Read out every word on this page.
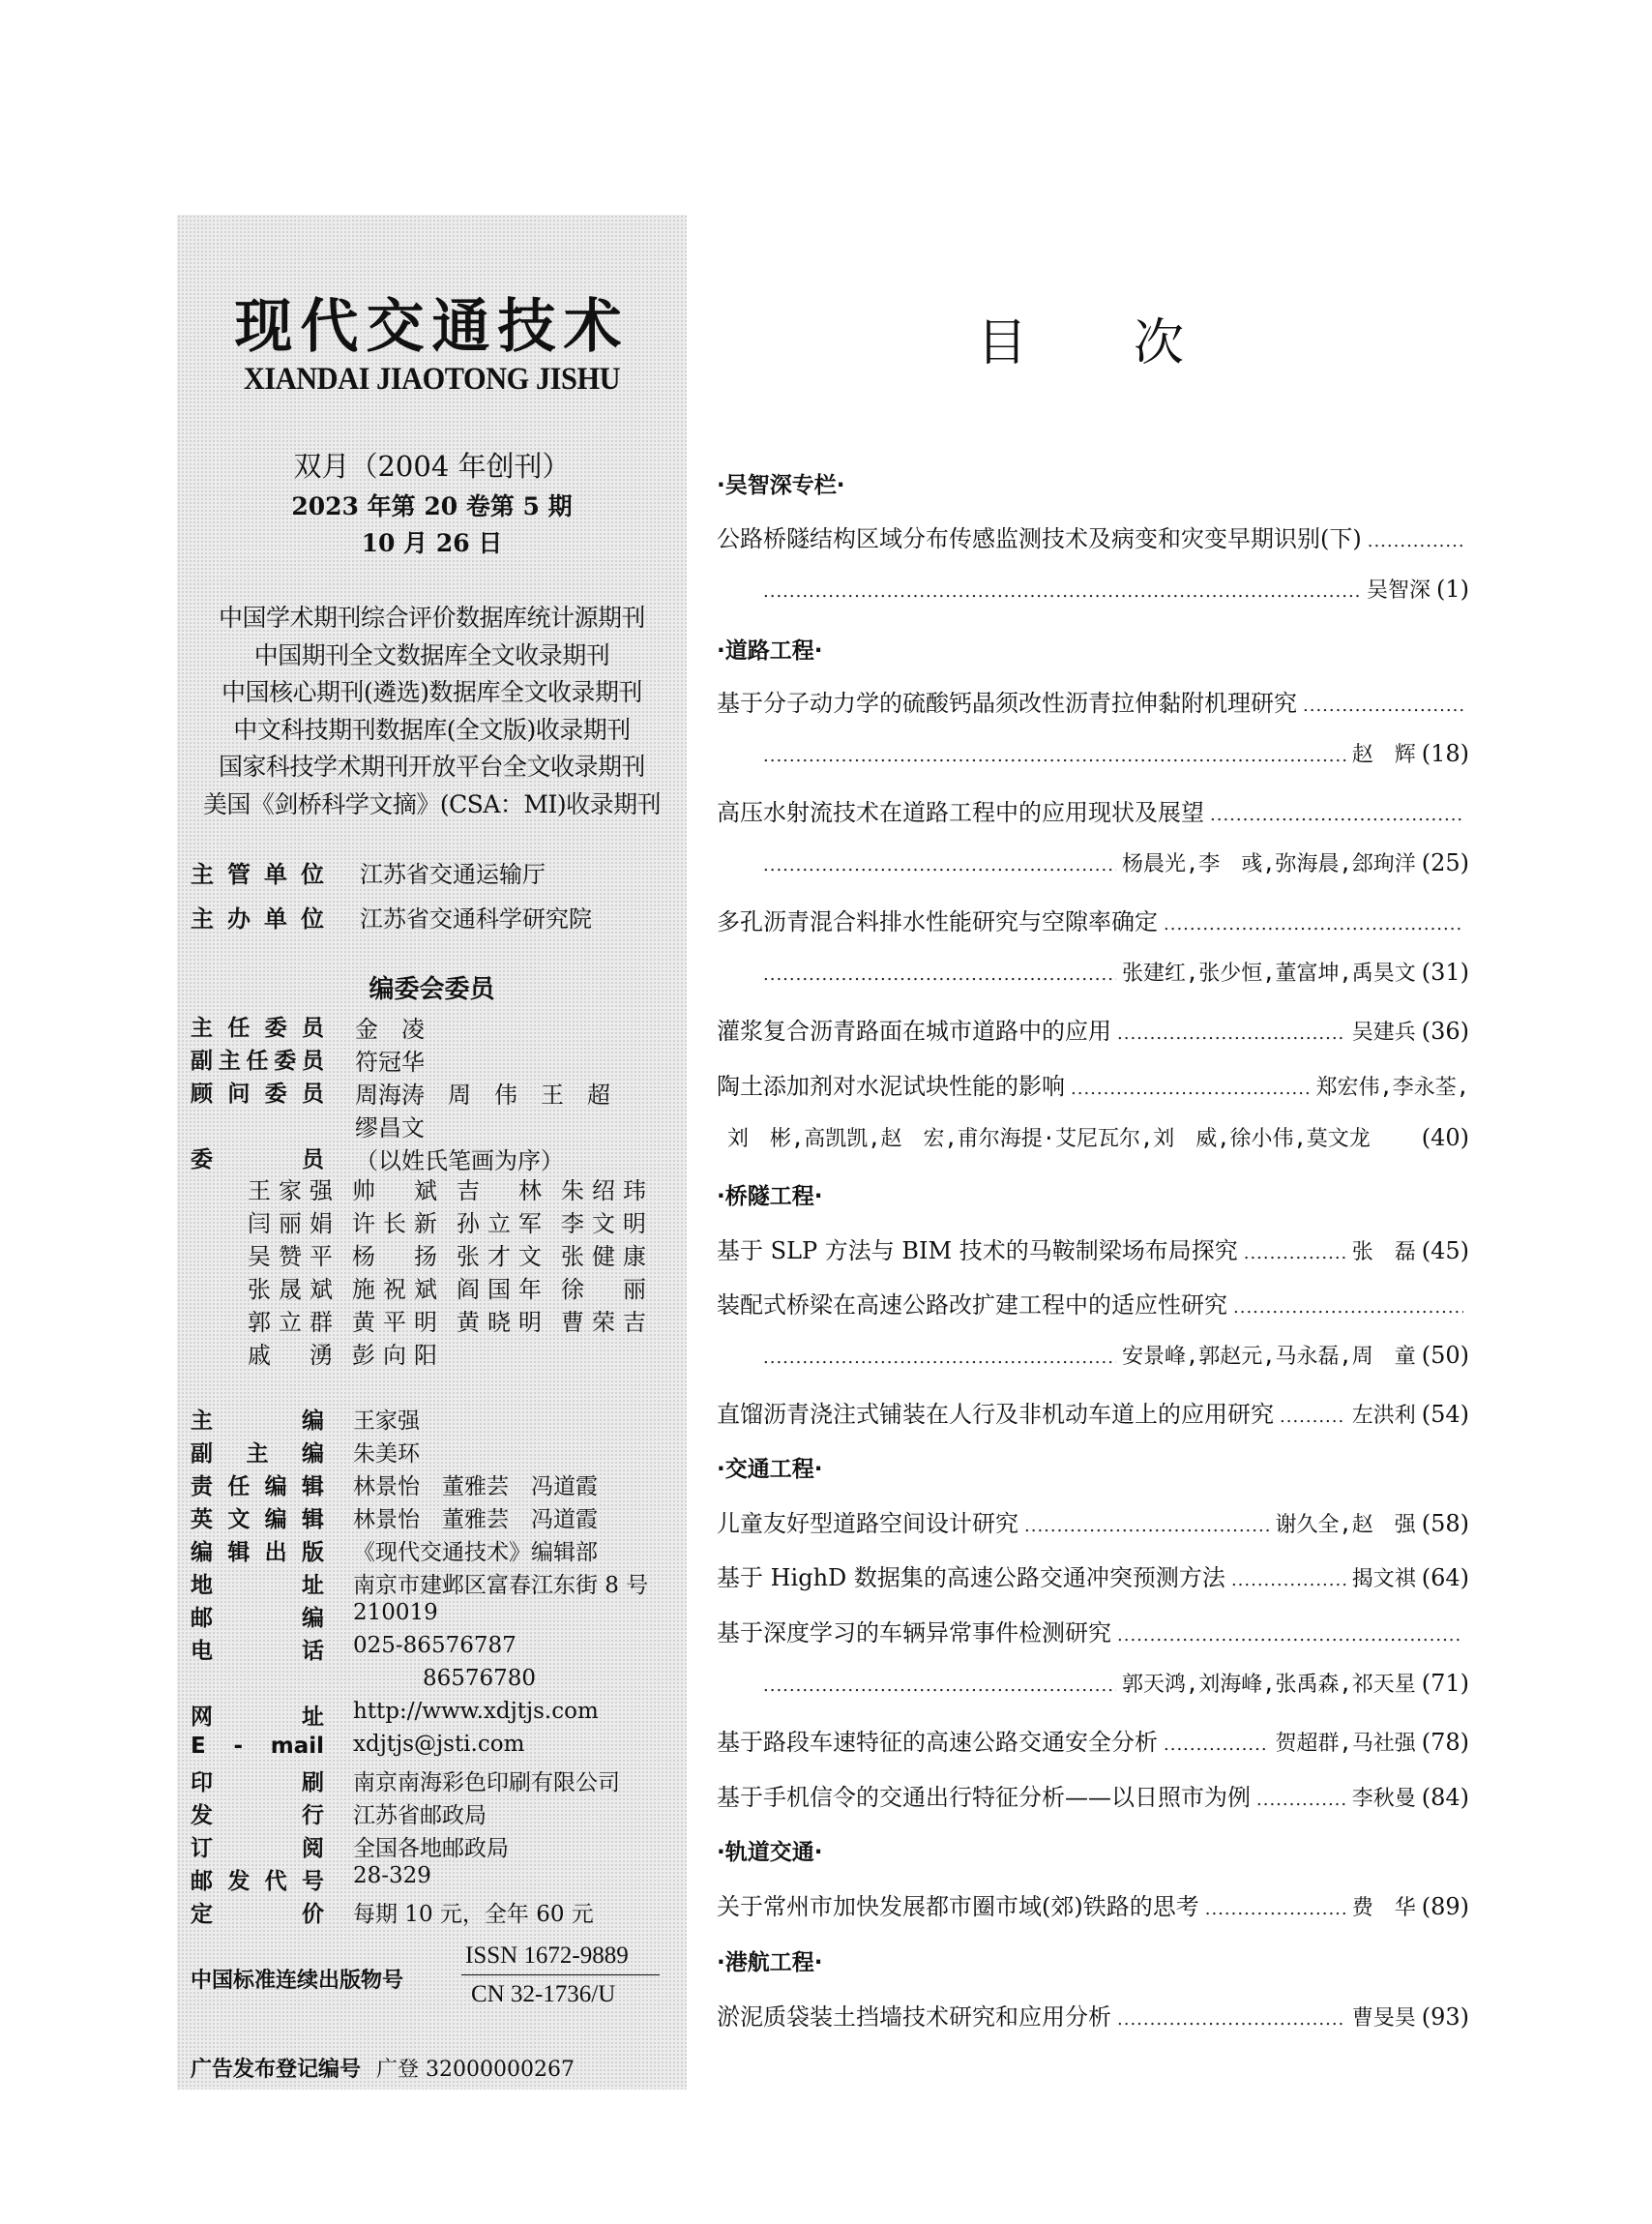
现代交通技术
XIANDAI JIAOTONG JISHU
双月（2004 年创刊）
2023 年第 20 卷第 5 期
10 月 26 日
中国学术期刊综合评价数据库统计源期刊
中国期刊全文数据库全文收录期刊
中国核心期刊(遴选)数据库全文收录期刊
中文科技期刊数据库(全文版)收录期刊
国家科技学术期刊开放平台全文收录期刊
美国《剑桥科学文摘》(CSA：MI)收录期刊
主管单位 江苏省交通运输厅
主办单位 江苏省交通科学研究院
编委会委员
主任委员 金　凌
副主任委员 符冠华
顾问委员 周海涛　周　伟　王　超
缪昌文
委　　员 （以姓氏笔画为序）
王家强 帅　斌 吉　林 朱绍玮
闫丽娟 许长新 孙立军 李文明
吴赞平 杨　扬 张才文 张健康
张晟斌 施祝斌 阎国年 徐　丽
郭立群 黄平明 黄晓明 曹荣吉
戚　湧 彭向阳
主　　编 王家强
副 主 编 朱美环
责任编辑 林景怡　董雅芸　冯道霞
英文编辑 林景怡　董雅芸　冯道霞
编辑出版 《现代交通技术》编辑部
地　　址 南京市建邺区富春江东街 8 号
邮　　编 210019
电　　话 025-86576787
86576780
网　　址 http://www.xdjtjs.com
E - mail xdjtjs@jsti.com
印　　刷 南京南海彩色印刷有限公司
发　　行 江苏省邮政局
订　　阅 全国各地邮政局
邮发代号 28-329
定　　价 每期 10 元，全年 60 元
中国标准连续出版物号
ISSN 1672-9889
CN 32-1736/U
广告发布登记编号 广登 32000000267
目 次
·吴智深专栏·
公路桥隧结构区域分布传感监测技术及病变和灾变早期识别(下)
.....
.....
吴智深 (1)
·道路工程·
基于分子动力学的硫酸钙晶须改性沥青拉伸黏附机理研究
.....
.....
赵　辉 (18)
高压水射流技术在道路工程中的应用现状及展望
.....
.....
杨晨光,李　彧,弥海晨,郐珣洋 (25)
多孔沥青混合料排水性能研究与空隙率确定
.....
.....
张建红,张少恒,董富坤,禹昊文 (31)
灌浆复合沥青路面在城市道路中的应用 .....	吴建兵 (36)
陶土添加剂对水泥试块性能的影响 .....	郑宏伟,李永荃,
刘　彬,高凯凯,赵　宏,甫尔海提·艾尼瓦尔,刘　威,徐小伟,莫文龙	(40)
·桥隧工程·
基于 SLP 方法与 BIM 技术的马鞍制梁场布局探究 .....	张　磊 (45)
装配式桥梁在高速公路改扩建工程中的适应性研究
.....
.....
安景峰,郭赵元,马永磊,周　童 (50)
直馏沥青浇注式铺装在人行及非机动车道上的应用研究 .....	左洪利 (54)
·交通工程·
儿童友好型道路空间设计研究 .....	谢久全,赵　强 (58)
基于 HighD 数据集的高速公路交通冲突预测方法 .....	揭文祺 (64)
基于深度学习的车辆异常事件检测研究
.....
.....
郭天鸿,刘海峰,张禹森,祁天星 (71)
基于路段车速特征的高速公路交通安全分析 .....	贺超群,马社强 (78)
基于手机信令的交通出行特征分析——以日照市为例 .....	李秋曼 (84)
·轨道交通·
关于常州市加快发展都市圈市域(郊)铁路的思考 .....	费　华 (89)
·港航工程·
淤泥质袋装土挡墙技术研究和应用分析 .....	曹旻昊 (93)
